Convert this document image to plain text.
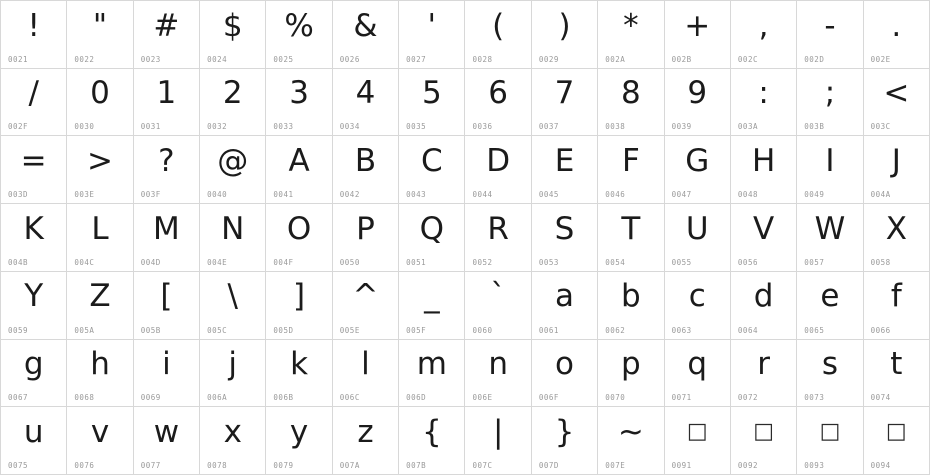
!
0021
"
0022
#
0023
$
0024
%
0025
&
0026
'
0027
(
0028
)
0029
*
002A
+
002B
,
002C
-
002D
.
002E
/
002F
0
0030
1
0031
2
0032
3
0033
4
0034
5
0035
6
0036
7
0037
8
0038
9
0039
:
003A
;
003B
<
003C
=
003D
>
003E
?
003F
@
0040
A
0041
B
0042
C
0043
D
0044
E
0045
F
0046
G
0047
H
0048
I
0049
J
004A
K
004B
L
004C
M
004D
N
004E
O
004F
P
0050
Q
0051
R
0052
S
0053
T
0054
U
0055
V
0056
W
0057
X
0058
Y
0059
Z
005A
[
005B
\
005C
]
005D
^
005E
_
005F
`
0060
a
0061
b
0062
c
0063
d
0064
e
0065
f
0066
g
0067
h
0068
i
0069
j
006A
k
006B
l
006C
m
006D
n
006E
o
006F
p
0070
q
0071
r
0072
s
0073
t
0074
u
0075
v
0076
w
0077
x
0078
y
0079
z
007A
{
007B
|
007C
}
007D
~
007E
□
0091
□
0092
□
0093
□
0094
